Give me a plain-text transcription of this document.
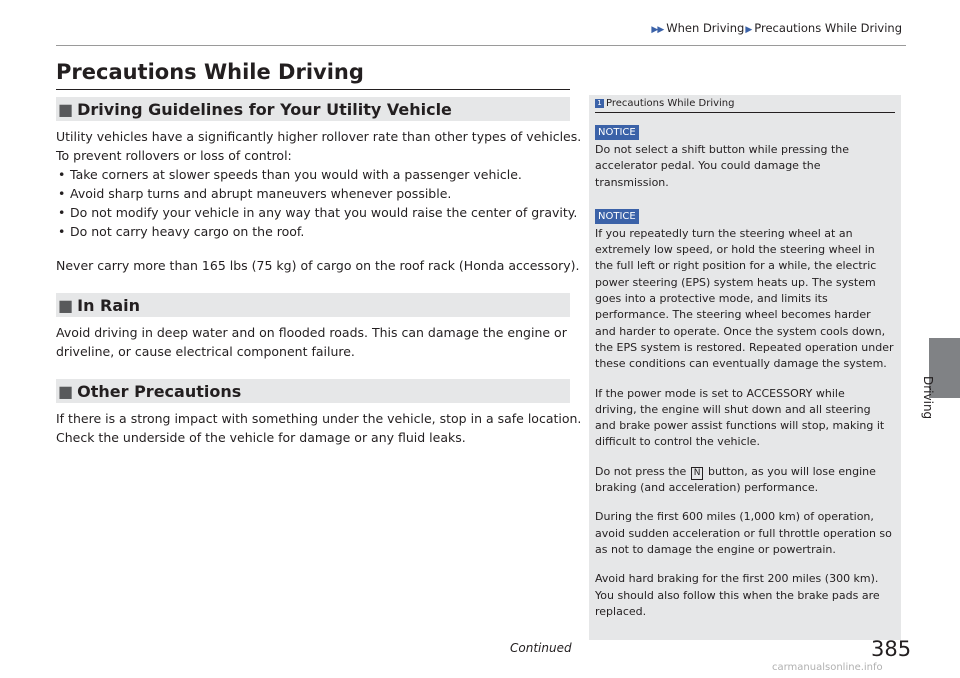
▶▶ When Driving▶ Precautions While Driving
Driving
Precautions While Driving
■ Driving Guidelines for Your Utility Vehicle

Utility vehicles have a significantly higher rollover rate than other types of vehicles.

To prevent rollovers or loss of control:

• Take corners at slower speeds than you would with a passenger vehicle.
• Avoid sharp turns and abrupt maneuvers whenever possible.
• Do not modify your vehicle in any way that you would raise the center of gravity.
• Do not carry heavy cargo on the roof.

Never carry more than 165 lbs (75 kg) of cargo on the roof rack (Honda accessory).

■ In Rain

Avoid driving in deep water and on flooded roads. This can damage the engine or

driveline, or cause electrical component failure.

■ Other Precautions

If there is a strong impact with something under the vehicle, stop in a safe location.

Check the underside of the vehicle for damage or any fluid leaks.

1 Precautions While Driving
NOTICE

Do not select a shift button while pressing the
accelerator pedal. You could damage the
transmission.

NOTICE

If you repeatedly turn the steering wheel at an
extremely low speed, or hold the steering wheel in
the full left or right position for a while, the electric
power steering (EPS) system heats up. The system
goes into a protective mode, and limits its
performance. The steering wheel becomes harder
and harder to operate. Once the system cools down,
the EPS system is restored. Repeated operation under
these conditions can eventually damage the system.

If the power mode is set to ACCESSORY while
driving, the engine will shut down and all steering
and brake power assist functions will stop, making it
difficult to control the vehicle.

Do not press the N button, as you will lose engine
braking (and acceleration) performance.

During the first 600 miles (1,000 km) of operation,
avoid sudden acceleration or full throttle operation so
as not to damage the engine or powertrain.

Avoid hard braking for the first 200 miles (300 km).
You should also follow this when the brake pads are
replaced.

Continued	385
carmanualsonline.info
